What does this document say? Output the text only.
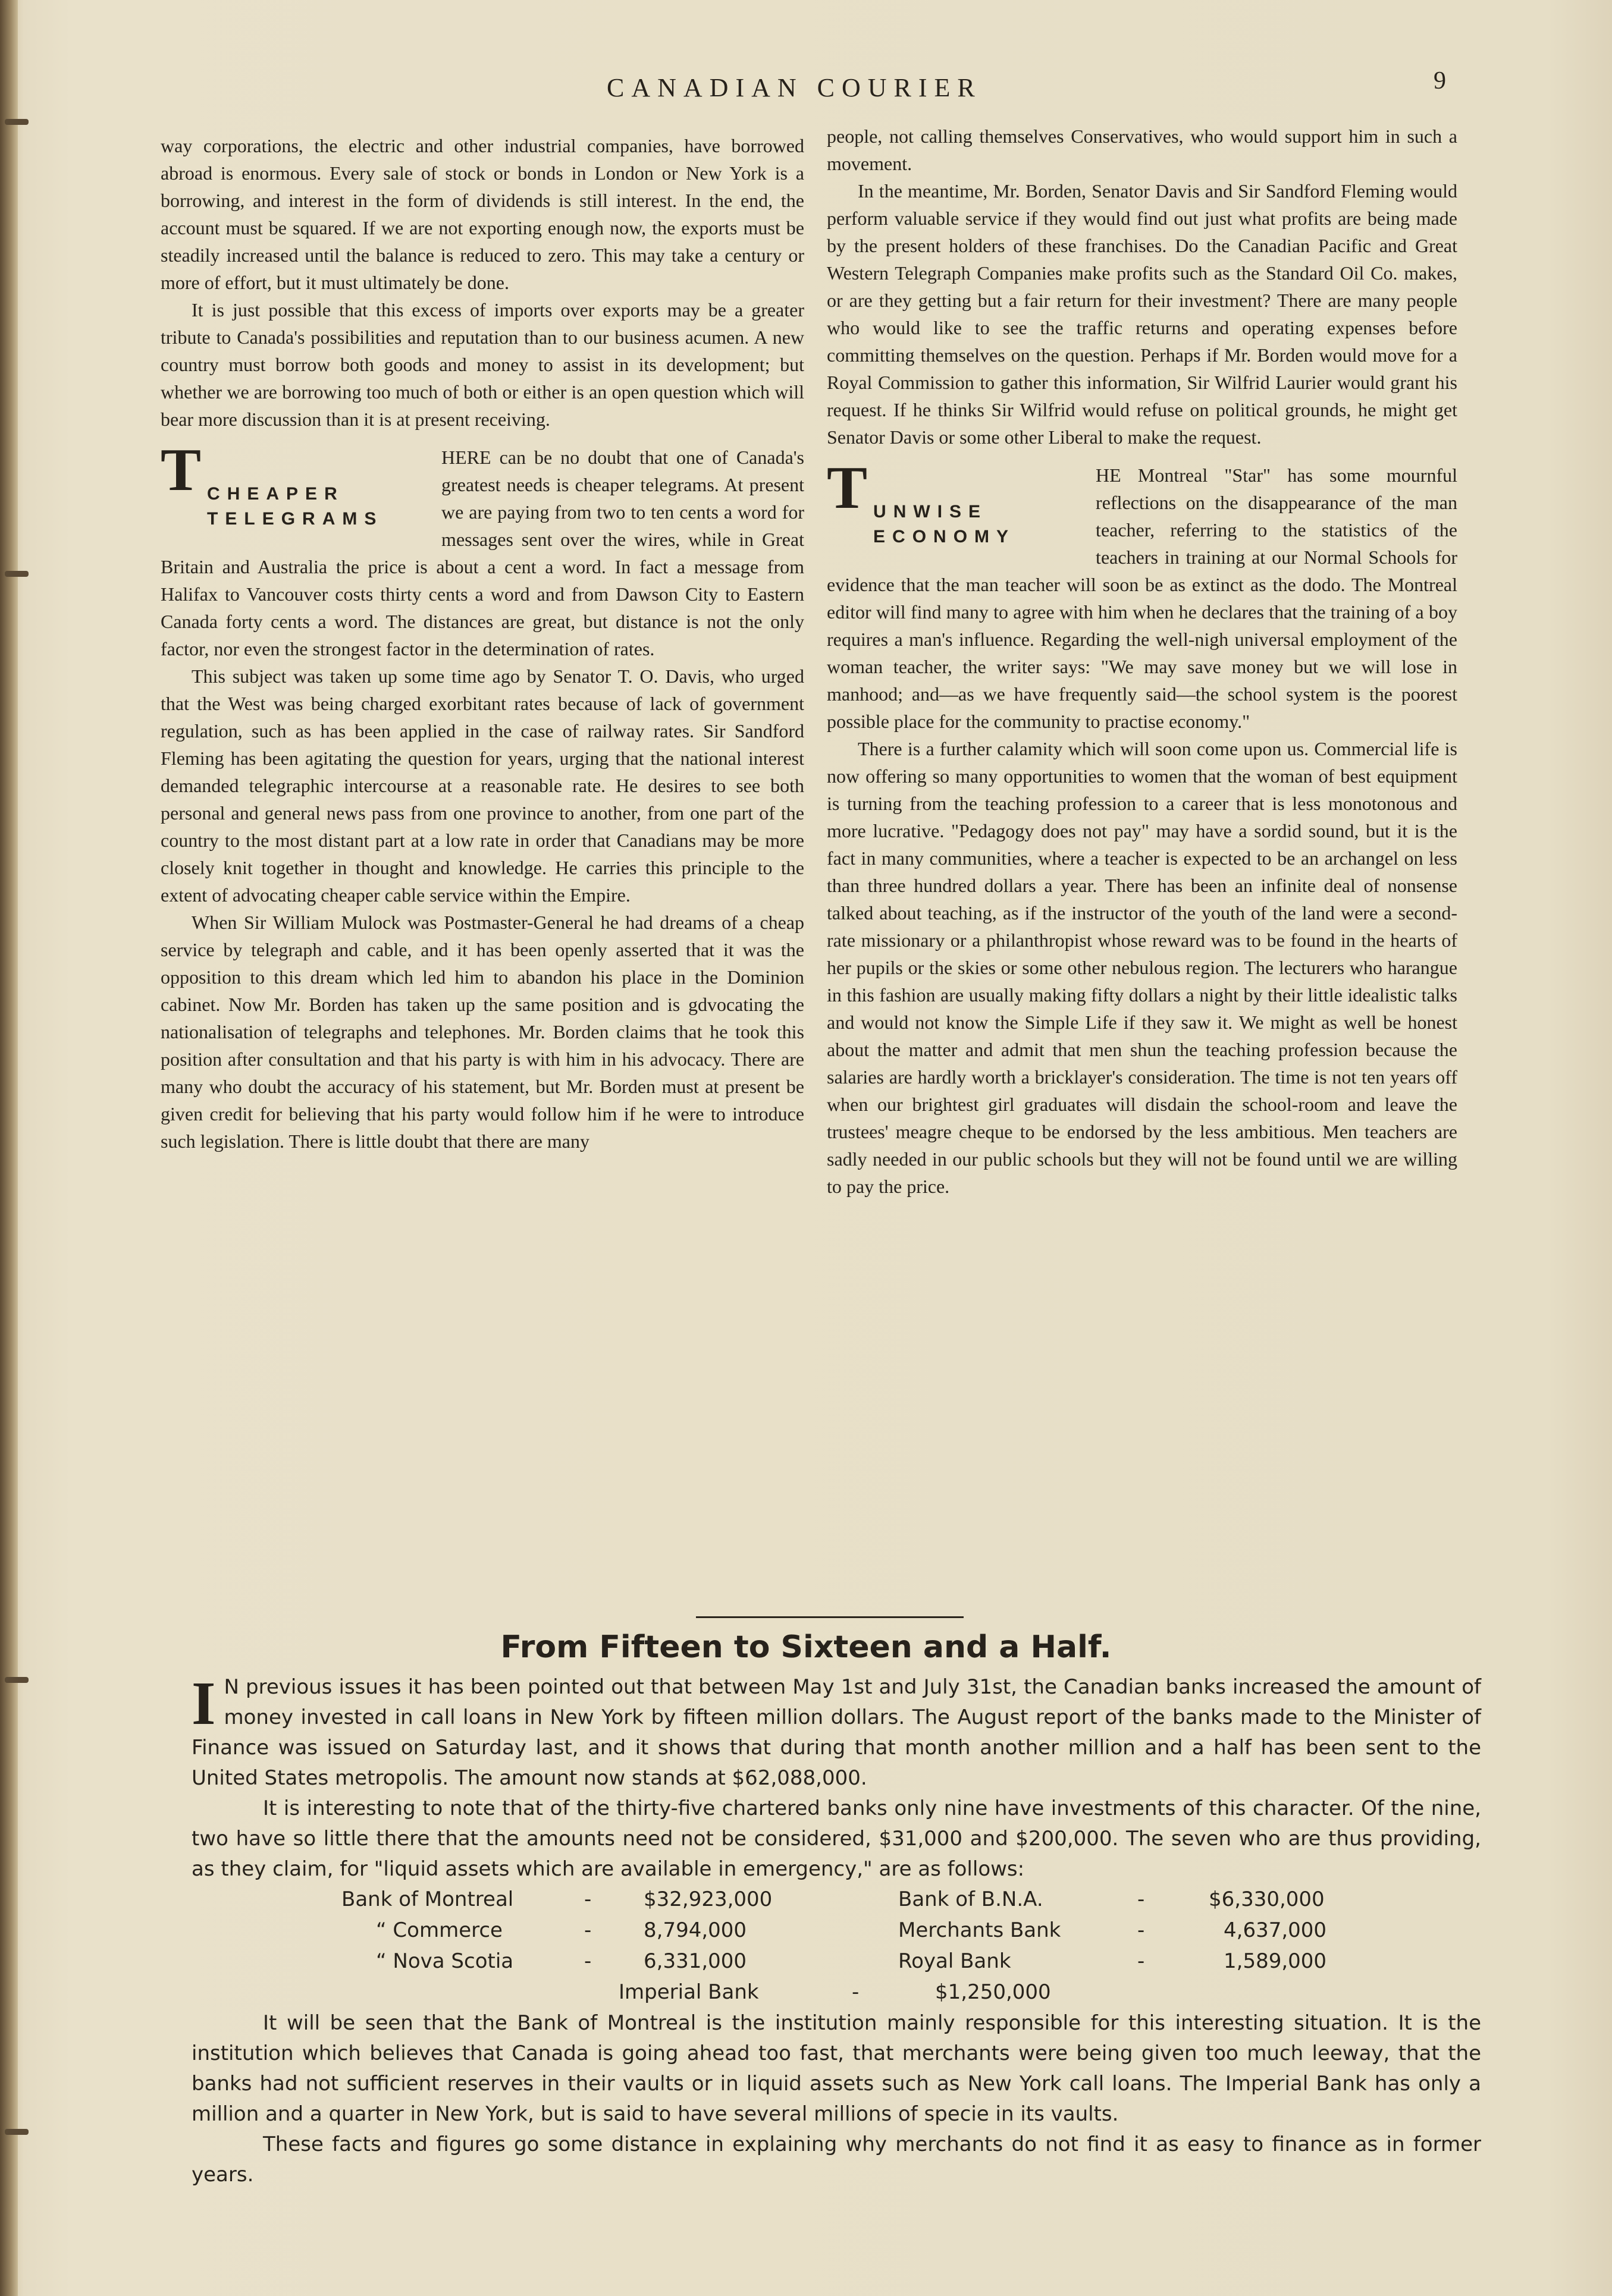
CANADIAN COURIER	9

way corporations, the electric and other industrial companies, have borrowed abroad is enormous. Every sale of stock or bonds in London or New York is a borrowing, and interest in the form of dividends is still interest. In the end, the account must be squared. If we are not exporting enough now, the exports must be steadily increased until the balance is reduced to zero. This may take a century or more of effort, but it must ultimately be done.

It is just possible that this excess of imports over exports may be a greater tribute to Canada's possibilities and reputation than to our business acumen. A new country must borrow both goods and money to assist in its development; but whether we are borrowing too much of both or either is an open question which will bear more discussion than it is at present receiving.

T CHEAPER TELEGRAMS

HERE can be no doubt that one of Canada's greatest needs is cheaper telegrams. At present we are paying from two to ten cents a word for messages sent over the wires, while in Great Britain and Australia the price is about a cent a word. In fact a message from Halifax to Vancouver costs thirty cents a word and from Dawson City to Eastern Canada forty cents a word. The distances are great, but distance is not the only factor, nor even the strongest factor in the determination of rates.

This subject was taken up some time ago by Senator T. O. Davis, who urged that the West was being charged exorbitant rates because of lack of government regulation, such as has been applied in the case of railway rates. Sir Sandford Fleming has been agitating the question for years, urging that the national interest demanded telegraphic intercourse at a reasonable rate. He desires to see both personal and general news pass from one province to another, from one part of the country to the most distant part at a low rate in order that Canadians may be more closely knit together in thought and knowledge. He carries this principle to the extent of advocating cheaper cable service within the Empire.

When Sir William Mulock was Postmaster-General he had dreams of a cheap service by telegraph and cable, and it has been openly asserted that it was the opposition to this dream which led him to abandon his place in the Dominion cabinet. Now Mr. Borden has taken up the same position and is gdvocating the nationalisation of telegraphs and telephones. Mr. Borden claims that he took this position after consultation and that his party is with him in his advocacy. There are many who doubt the accuracy of his statement, but Mr. Borden must at present be given credit for believing that his party would follow him if he were to introduce such legislation. There is little doubt that there are many

people, not calling themselves Conservatives, who would support him in such a movement.

In the meantime, Mr. Borden, Senator Davis and Sir Sandford Fleming would perform valuable service if they would find out just what profits are being made by the present holders of these franchises. Do the Canadian Pacific and Great Western Telegraph Companies make profits such as the Standard Oil Co. makes, or are they getting but a fair return for their investment? There are many people who would like to see the traffic returns and operating expenses before committing themselves on the question. Perhaps if Mr. Borden would move for a Royal Commission to gather this information, Sir Wilfrid Laurier would grant his request. If he thinks Sir Wilfrid would refuse on political grounds, he might get Senator Davis or some other Liberal to make the request.

T UNWISE ECONOMY

HE Montreal "Star" has some mournful reflections on the disappearance of the man teacher, referring to the statistics of the teachers in training at our Normal Schools for evidence that the man teacher will soon be as extinct as the dodo. The Montreal editor will find many to agree with him when he declares that the training of a boy requires a man's influence. Regarding the well-nigh universal employment of the woman teacher, the writer says: "We may save money but we will lose in manhood; and—as we have frequently said—the school system is the poorest possible place for the community to practise economy."

There is a further calamity which will soon come upon us. Commercial life is now offering so many opportunities to women that the woman of best equipment is turning from the teaching profession to a career that is less monotonous and more lucrative. "Pedagogy does not pay" may have a sordid sound, but it is the fact in many communities, where a teacher is expected to be an archangel on less than three hundred dollars a year. There has been an infinite deal of nonsense talked about teaching, as if the instructor of the youth of the land were a second-rate missionary or a philanthropist whose reward was to be found in the hearts of her pupils or the skies or some other nebulous region. The lecturers who harangue in this fashion are usually making fifty dollars a night by their little idealistic talks and would not know the Simple Life if they saw it. We might as well be honest about the matter and admit that men shun the teaching profession because the salaries are hardly worth a bricklayer's consideration. The time is not ten years off when our brightest girl graduates will disdain the school-room and leave the trustees' meagre cheque to be endorsed by the less ambitious. Men teachers are sadly needed in our public schools but they will not be found until we are willing to pay the price.

From Fifteen to Sixteen and a Half.
I N previous issues it has been pointed out that between May 1st and July 31st, the Canadian banks increased the amount of money invested in call loans in New York by fifteen million dollars. The August report of the banks made to the Minister of Finance was issued on Saturday last, and it shows that during that month another million and a half has been sent to the United States metropolis. The amount now stands at $62,088,000.

It is interesting to note that of the thirty-five chartered banks only nine have investments of this character. Of the nine, two have so little there that the amounts need not be considered, $31,000 and $200,000. The seven who are thus providing, as they claim, for "liquid assets which are available in emergency," are as follows:

Bank of Montreal	-	$32,923,000
“ Commerce	-	8,794,000
“ Nova Scotia	-	6,331,000
Bank of B.N.A.	-	$6,330,000
Merchants Bank	-	4,637,000
Royal Bank	-	1,589,000
Imperial Bank	-	$1,250,000

It will be seen that the Bank of Montreal is the institution mainly responsible for this interesting situation. It is the institution which believes that Canada is going ahead too fast, that merchants were being given too much leeway, that the banks had not sufficient reserves in their vaults or in liquid assets such as New York call loans. The Imperial Bank has only a million and a quarter in New York, but is said to have several millions of specie in its vaults.

These facts and figures go some distance in explaining why merchants do not find it as easy to finance as in former years.
